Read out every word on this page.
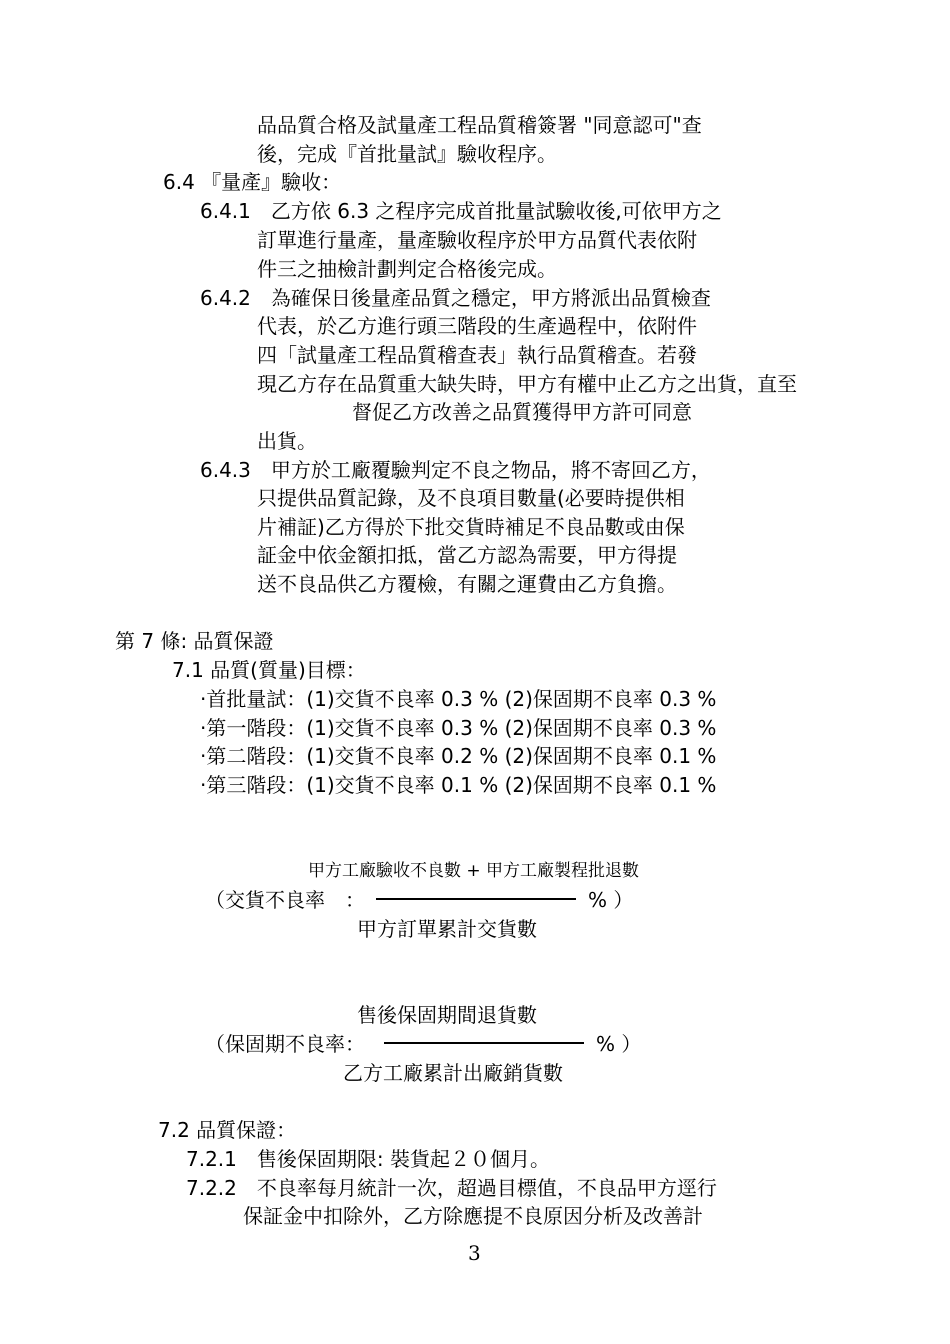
品品質合格及試量產工程品質稽簽署 "同意認可"查
後，完成『首批量試』驗收程序。
6.4 『量產』驗收：
6.4.1　乙方依 6.3 之程序完成首批量試驗收後,可依甲方之
訂單進行量產，量產驗收程序於甲方品質代表依附
件三之抽檢計劃判定合格後完成。
6.4.2　為確保日後量產品質之穩定，甲方將派出品質檢查
代表，於乙方進行頭三階段的生產過程中，依附件
四「試量產工程品質稽查表」執行品質稽查。若發
現乙方存在品質重大缺失時，甲方有權中止乙方之出貨，直至
督促乙方改善之品質獲得甲方許可同意
出貨。
6.4.3　甲方於工廠覆驗判定不良之物品，將不寄回乙方，
只提供品質記錄，及不良項目數量(必要時提供相
片補証)乙方得於下批交貨時補足不良品數或由保
証金中依金額扣抵，當乙方認為需要，甲方得提
送不良品供乙方覆檢，有關之運費由乙方負擔。
第 7 條: 品質保證
7.1 品質(質量)目標：
·首批量試：(1)交貨不良率 0.3 % (2)保固期不良率 0.3 %
·第一階段：(1)交貨不良率 0.3 % (2)保固期不良率 0.3 %
·第二階段：(1)交貨不良率 0.2 % (2)保固期不良率 0.1 %
·第三階段：(1)交貨不良率 0.1 % (2)保固期不良率 0.1 %
甲方工廠驗收不良數 + 甲方工廠製程批退數
（交貨不良率　：	% ）
甲方訂單累計交貨數
售後保固期間退貨數
（保固期不良率：	% ）
乙方工廠累計出廠銷貨數
7.2 品質保證：
7.2.1　售後保固期限: 裝貨起２０個月。
7.2.2　不良率每月統計一次，超過目標值，不良品甲方逕行
保証金中扣除外，乙方除應提不良原因分析及改善計
3
